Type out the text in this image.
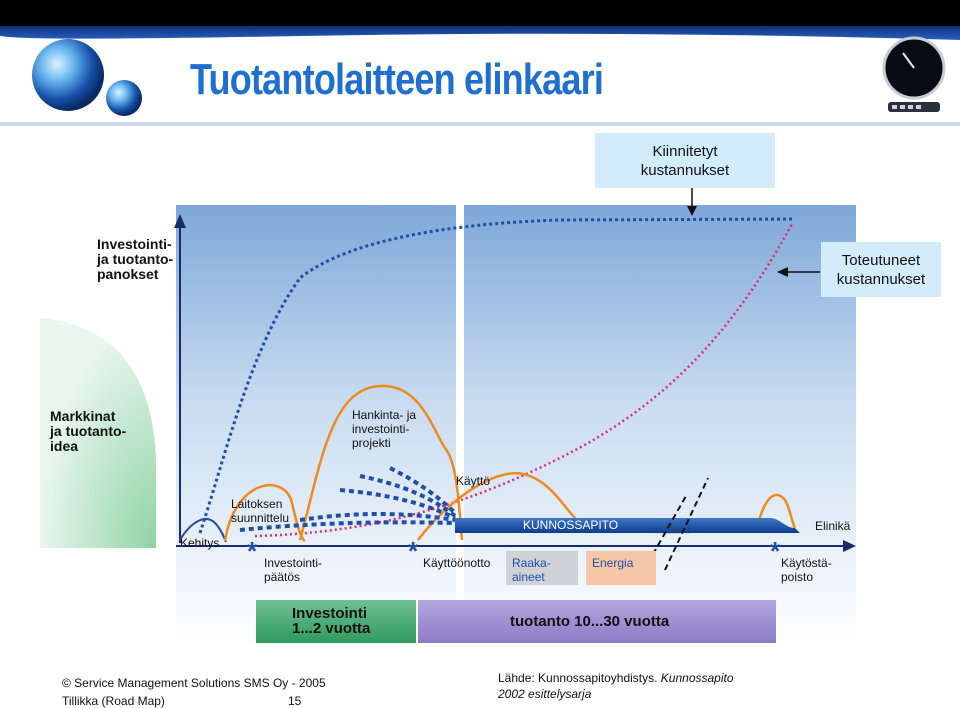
Tuotantolaitteen elinkaari
*	*	*
Kiinnitetyt
kustannukset
Toteutuneet
kustannukset
Investointi-
ja tuotanto-
panokset
Markkinat
ja tuotanto-
idea
Hankinta- ja
investointi-
projekti
Käyttö
Laitoksen
suunnittelu
Kehitys
KUNNOSSAPITO	Elinikä
Investointi-
päätös
Käyttöönotto Raaka-
aineet
Energia	Käytöstä-
poisto
Investointi
1...2 vuotta	tuotanto 10...30 vuotta
© Service Management Solutions SMS Oy - 2005
Tillikka (Road Map)	15
Lähde: Kunnossapitoyhdistys. Kunnossapito
2002 esittelysarja
